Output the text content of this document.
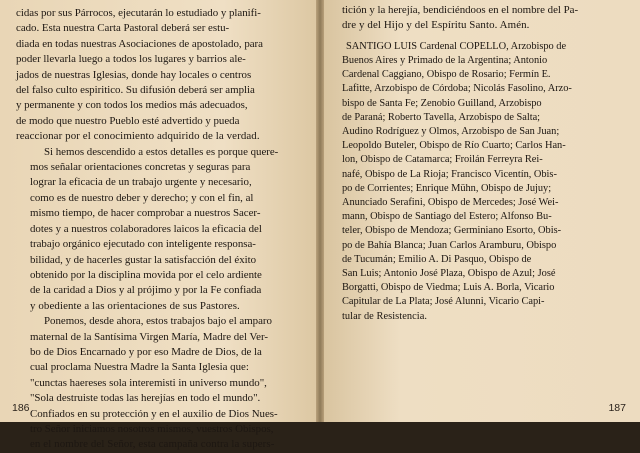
cidas por sus Párrocos, ejecutarán lo estudiado y planifi-
cado. Esta nuestra Carta Pastoral deberá ser estu-
diada en todas nuestras Asociaciones de apostolado, para
poder llevarla luego a todos los lugares y barrios ale-
jados de nuestras Iglesias, donde hay locales o centros
del falso culto espiritico. Su difusión deberá ser amplia
y permanente y con todos los medios más adecuados,
de modo que nuestro Pueblo esté advertido y pueda
reaccionar por el conocimiento adquirido de la verdad.

Si hemos descendido a estos detalles es porque quere-
mos señalar orientaciones concretas y seguras para
lograr la eficacia de un trabajo urgente y necesario,
como es de nuestro deber y derecho; y con el fin, al
mismo tiempo, de hacer comprobar a nuestros Sacer-
dotes y a nuestros colaboradores laicos la eficacia del
trabajo orgánico ejecutado con inteligente responsa-
bilidad, y de hacerles gustar la satisfacción del éxito
obtenido por la disciplina movida por el celo ardiente
de la caridad a Dios y al prójimo y por la Fe confiada
y obediente a las orientaciones de sus Pastores.

Ponemos, desde ahora, estos trabajos bajo el amparo
maternal de la Santísima Virgen María, Madre del Ver-
bo de Dios Encarnado y por eso Madre de Dios, de la
cual proclama Nuestra Madre la Santa Iglesia que:
"cunctas haereses sola interemisti in universo mundo",
"Sola destruiste todas las herejías en todo el mundo".
Confiados en su protección y en el auxilio de Dios Nues-
tro Señor iniciamos nosotros mismos, vuestros Obispos,
en el nombre del Señor, esta campaña contra la supers-

186
tición y la herejía, bendiciéndoos en el nombre del Pa-
dre y del Hijo y del Espíritu Santo. Amén.
SANTIGO LUIS Cardenal COPELLO, Arzobispo de
Buenos Aires y Primado de la Argentina; Antonio
Cardenal Caggiano, Obispo de Rosario; Fermín E.
Lafitte, Arzobispo de Córdoba; Nicolás Fasolino, Arzo-
bispo de Santa Fe; Zenobio Guilland, Arzobispo
de Paraná; Roberto Tavella, Arzobispo de Salta;
Audino Rodríguez y Olmos, Arzobispo de San Juan;
Leopoldo Buteler, Obispo de Río Cuarto; Carlos Han-
lon, Obispo de Catamarca; Froilán Ferreyra Rei-
nafé, Obispo de La Rioja; Francisco Vicentín, Obis-
po de Corrientes; Enrique Mühn, Obispo de Jujuy;
Anunciado Serafini, Obispo de Mercedes; José Wei-
mann, Obispo de Santiago del Estero; Alfonso Bu-
teler, Obispo de Mendoza; Germiniano Esorto, Obis-
po de Bahía Blanca; Juan Carlos Aramburu, Obispo
de Tucumán; Emilio A. Di Pasquo, Obispo de
San Luis; Antonio José Plaza, Obispo de Azul; José
Borgatti, Obispo de Viedma; Luis A. Borla, Vicario
Capitular de La Plata; José Alunni, Vicario Capi-
tular de Resistencia.
187
